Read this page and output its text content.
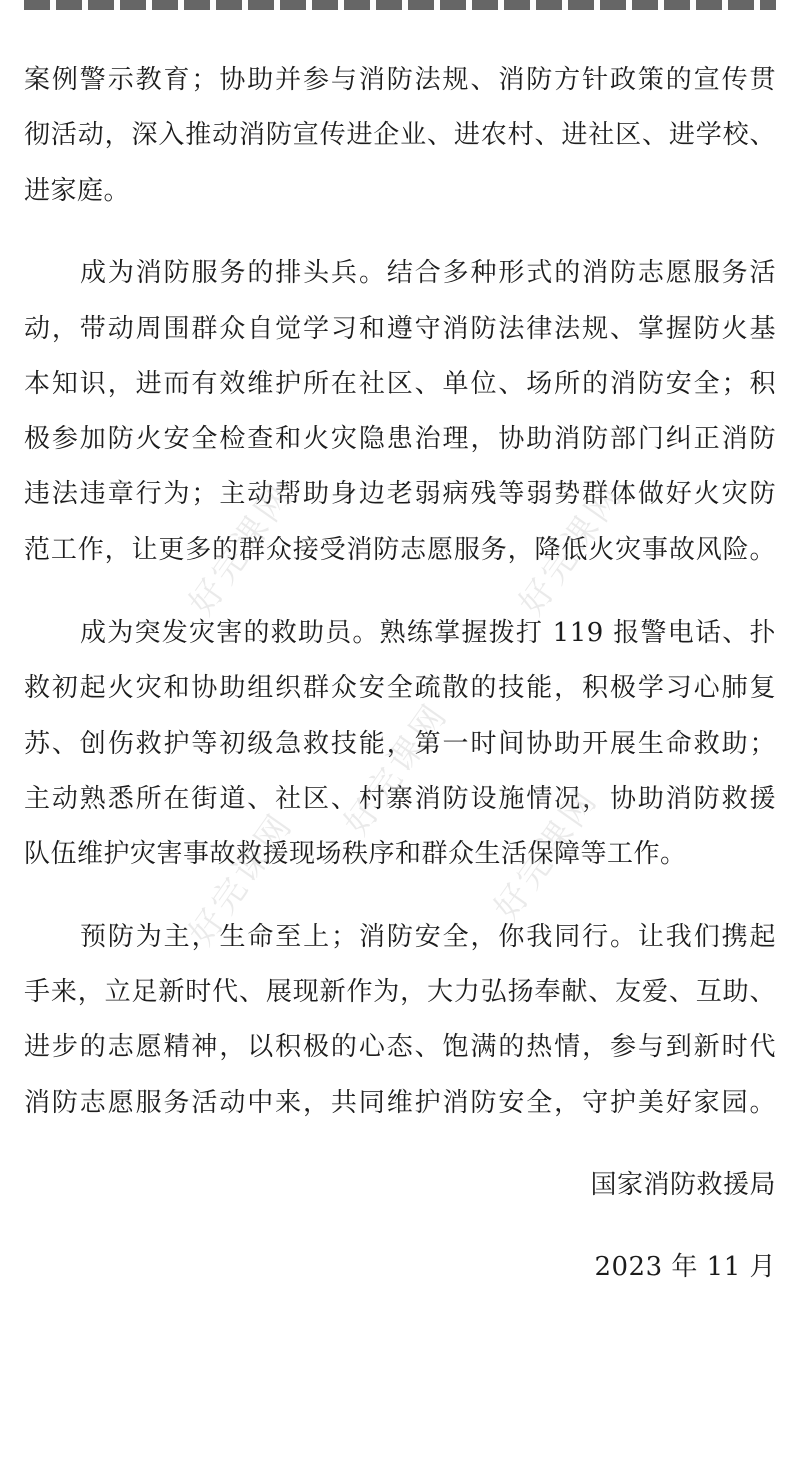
案例警示教育；协助并参与消防法规、消防方针政策的宣传贯
彻活动，深入推动消防宣传进企业、进农村、进社区、进学校、
进家庭。
成为消防服务的排头兵。结合多种形式的消防志愿服务活
动，带动周围群众自觉学习和遵守消防法律法规、掌握防火基
本知识，进而有效维护所在社区、单位、场所的消防安全；积
极参加防火安全检查和火灾隐患治理，协助消防部门纠正消防
违法违章行为；主动帮助身边老弱病残等弱势群体做好火灾防
范工作，让更多的群众接受消防志愿服务，降低火灾事故风险。
成为突发灾害的救助员。熟练掌握拨打 119 报警电话、扑
救初起火灾和协助组织群众安全疏散的技能，积极学习心肺复
苏、创伤救护等初级急救技能，第一时间协助开展生命救助；
主动熟悉所在街道、社区、村寨消防设施情况，协助消防救援
队伍维护灾害事故救援现场秩序和群众生活保障等工作。
预防为主，生命至上；消防安全，你我同行。让我们携起
手来，立足新时代、展现新作为，大力弘扬奉献、友爱、互助、
进步的志愿精神，以积极的心态、饱满的热情，参与到新时代
消防志愿服务活动中来，共同维护消防安全，守护美好家园。
国家消防救援局
2023 年 11 月
好完课网	好完课网
好完课网
好完课网	好完课网
